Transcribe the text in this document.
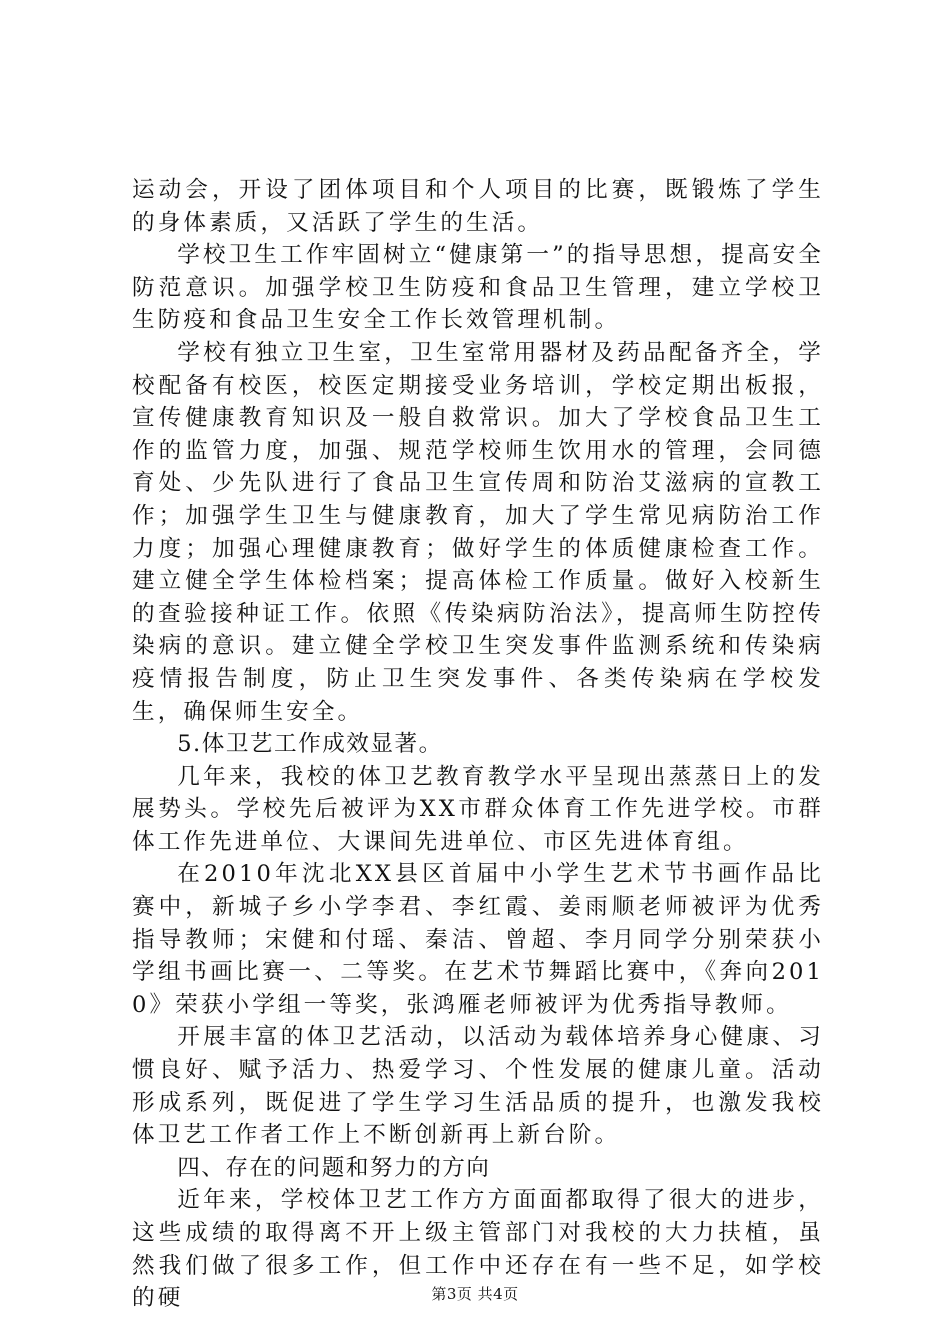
运动会，开设了团体项目和个人项目的比赛，既锻炼了学生的身体素质，又活跃了学生的生活。

学校卫生工作牢固树立“健康第一”的指导思想，提高安全防范意识。加强学校卫生防疫和食品卫生管理，建立学校卫生防疫和食品卫生安全工作长效管理机制。

学校有独立卫生室，卫生室常用器材及药品配备齐全，学校配备有校医，校医定期接受业务培训，学校定期出板报，宣传健康教育知识及一般自救常识。加大了学校食品卫生工作的监管力度，加强、规范学校师生饮用水的管理，会同德育处、少先队进行了食品卫生宣传周和防治艾滋病的宣教工作；加强学生卫生与健康教育，加大了学生常见病防治工作力度；加强心理健康教育；做好学生的体质健康检查工作。建立健全学生体检档案；提高体检工作质量。做好入校新生的查验接种证工作。依照《传染病防治法》，提高师生防控传染病的意识。建立健全学校卫生突发事件监测系统和传染病疫情报告制度，防止卫生突发事件、各类传染病在学校发生，确保师生安全。

5.体卫艺工作成效显著。

几年来，我校的体卫艺教育教学水平呈现出蒸蒸日上的发展势头。学校先后被评为XX市群众体育工作先进学校。市群体工作先进单位、大课间先进单位、市区先进体育组。

在2010年沈北XX县区首届中小学生艺术节书画作品比赛中，新城子乡小学李君、李红霞、姜雨顺老师被评为优秀指导教师；宋健和付瑶、秦洁、曾超、李月同学分别荣获小学组书画比赛一、二等奖。在艺术节舞蹈比赛中，《奔向2010》荣获小学组一等奖，张鸿雁老师被评为优秀指导教师。

开展丰富的体卫艺活动，以活动为载体培养身心健康、习惯良好、赋予活力、热爱学习、个性发展的健康儿童。活动形成系列，既促进了学生学习生活品质的提升，也激发我校体卫艺工作者工作上不断创新再上新台阶。

四、存在的问题和努力的方向

近年来，学校体卫艺工作方方面面都取得了很大的进步，这些成绩的取得离不开上级主管部门对我校的大力扶植，虽然我们做了很多工作，但工作中还存在有一些不足，如学校的硬	第3页 共4页
